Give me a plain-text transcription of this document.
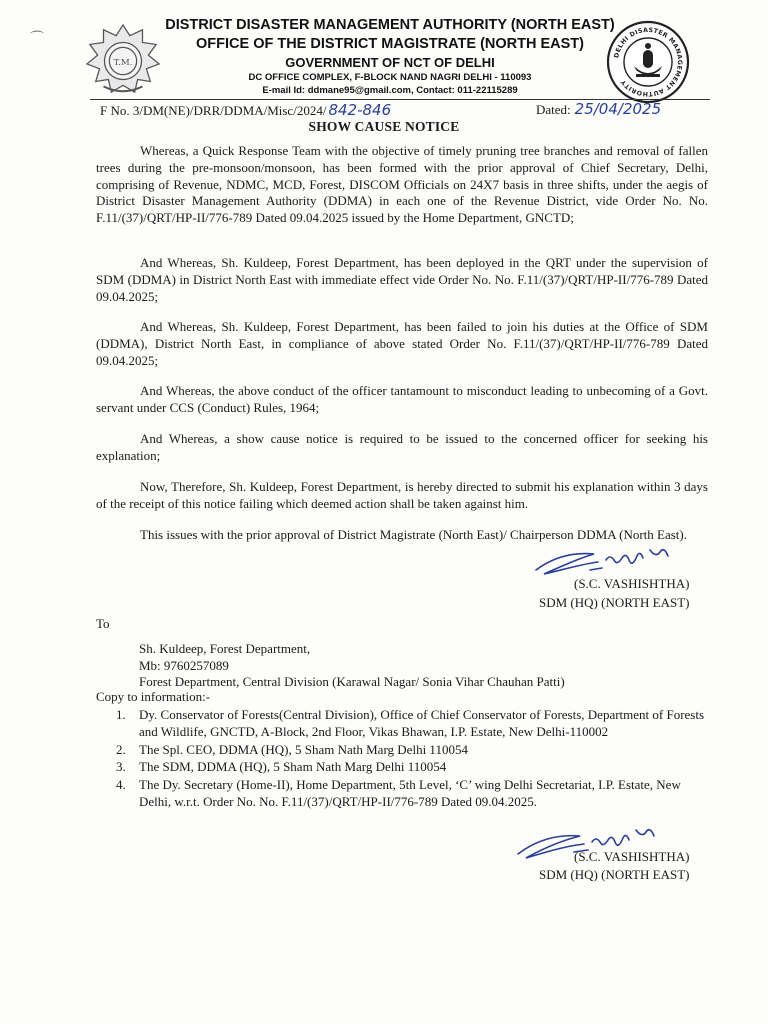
⌒
T.M.
DISTRICT DISASTER MANAGEMENT AUTHORITY (NORTH EAST)
OFFICE OF THE DISTRICT MAGISTRATE (NORTH EAST)
GOVERNMENT OF NCT OF DELHI
DC OFFICE COMPLEX, F-BLOCK NAND NAGRI DELHI - 110093
E-mail Id: ddmane95@gmail.com, Contact: 011-22115289
DELHI DISASTER MANAGEMENT AUTHORITY
F No. 3/DM(NE)/DRR/DDMA/Misc/2024/ 842-846	Dated: 25/04/2025
SHOW CAUSE NOTICE
Whereas, a Quick Response Team with the objective of timely pruning tree branches and removal of fallen trees during the pre-monsoon/monsoon, has been formed with the prior approval of Chief Secretary, Delhi, comprising of Revenue, NDMC, MCD, Forest, DISCOM Officials on 24X7 basis in three shifts, under the aegis of District Disaster Management Authority (DDMA) in each one of the Revenue District, vide Order No. No. F.11/(37)/QRT/HP-II/776-789 Dated 09.04.2025 issued by the Home Department, GNCTD;
And Whereas, Sh. Kuldeep, Forest Department, has been deployed in the QRT under the supervision of SDM (DDMA) in District North East with immediate effect vide Order No. No. F.11/(37)/QRT/HP-II/776-789 Dated 09.04.2025;
And Whereas, Sh. Kuldeep, Forest Department, has been failed to join his duties at the Office of SDM (DDMA), District North East, in compliance of above stated Order No. F.11/(37)/QRT/HP-II/776-789 Dated 09.04.2025;
And Whereas, the above conduct of the officer tantamount to misconduct leading to unbecoming of a Govt. servant under CCS (Conduct) Rules, 1964;
And Whereas, a show cause notice is required to be issued to the concerned officer for seeking his explanation;
Now, Therefore, Sh. Kuldeep, Forest Department, is hereby directed to submit his explanation within 3 days of the receipt of this notice failing which deemed action shall be taken against him.
This issues with the prior approval of District Magistrate (North East)/ Chairperson DDMA (North East).
(S.C. VASHISHTHA)
SDM (HQ) (NORTH EAST)
To
Sh. Kuldeep, Forest Department,
Mb: 9760257089
Forest Department, Central Division (Karawal Nagar/ Sonia Vihar Chauhan Patti)
Copy to information:-
1. Dy. Conservator of Forests(Central Division), Office of Chief Conservator of Forests, Department of Forests and Wildlife, GNCTD, A-Block, 2nd Floor, Vikas Bhawan, I.P. Estate, New Delhi-110002
2. The Spl. CEO, DDMA (HQ), 5 Sham Nath Marg Delhi 110054
3. The SDM, DDMA (HQ), 5 Sham Nath Marg Delhi 110054
4. The Dy. Secretary (Home-II), Home Department, 5th Level, ‘C’ wing Delhi Secretariat, I.P. Estate, New Delhi, w.r.t. Order No. No. F.11/(37)/QRT/HP-II/776-789 Dated 09.04.2025.
(S.C. VASHISHTHA)
SDM (HQ) (NORTH EAST)
